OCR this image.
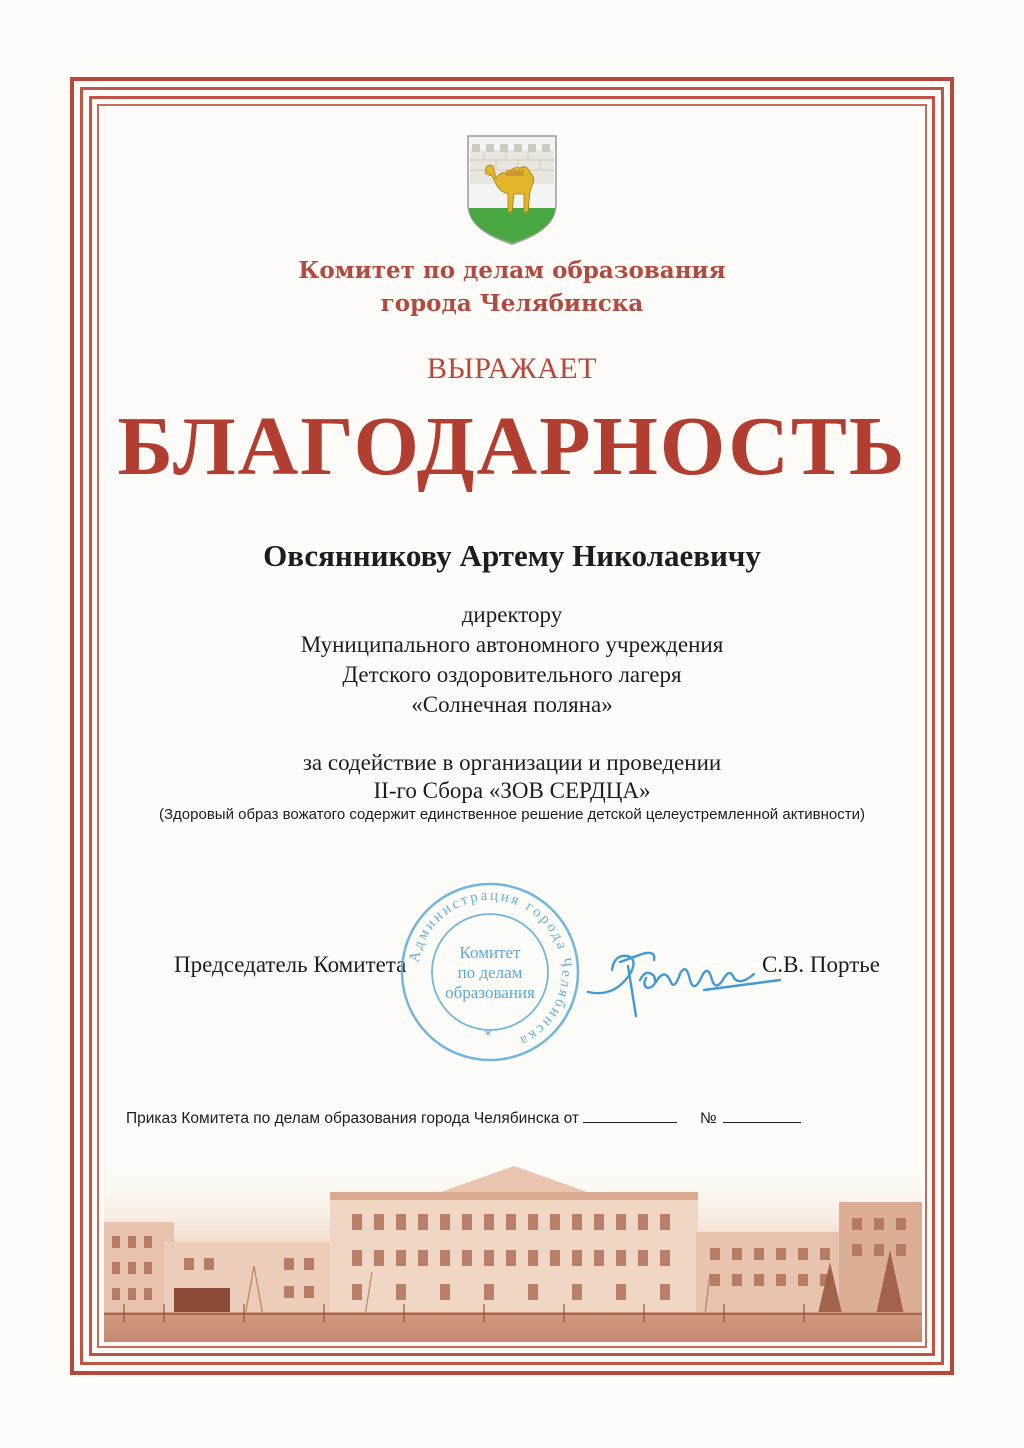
Комитет по делам образования
города Челябинска
ВЫРАЖАЕТ
БЛАГОДАРНОСТЬ
Овсянникову Артему Николаевичу
директору
Муниципального автономного учреждения
Детского оздоровительного лагеря
«Солнечная поляна»
за содействие в организации и проведении
II-го Сбора «ЗОВ СЕРДЦА»
(Здоровый образ вожатого содержит единственное решение детской целеустремленной активности)
Председатель Комитета Администрация города Челябинска
*
Комитет
по делам
образования
С.В. Портье
Приказ Комитета по делам образования города Челябинска от	№
